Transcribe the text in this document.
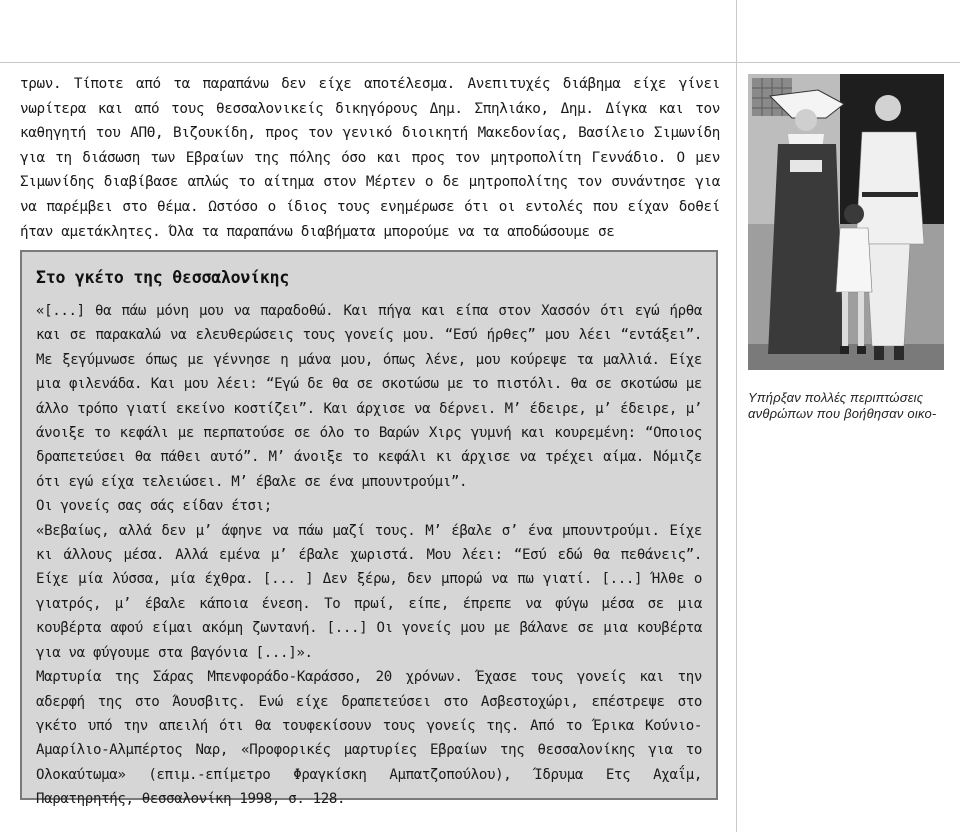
τρων. Τίποτε από τα παραπάνω δεν είχε αποτέλεσμα. Ανεπιτυχές διάβημα είχε γίνει νωρίτερα και από τους θεσσαλονικείς δικηγόρους Δημ. Σπηλιάκο, Δημ. Δίγκα και τον καθηγητή του ΑΠΘ, Βιζουκίδη, προς τον γενικό διοικητή Μακεδονίας, Βασίλειο Σιμωνίδη για τη διάσωση των Εβραίων της πόλης όσο και προς τον μητροπολίτη Γεννάδιο. Ο μεν Σιμωνίδης διαβίβασε απλώς το αίτημα στον Μέρτεν ο δε μητροπολίτης τον συνάντησε για να παρέμβει στο θέμα. Ωστόσο ο ίδιος τους ενημέρωσε ότι οι εντολές που είχαν δοθεί ήταν αμετάκλητες. Όλα τα παραπάνω διαβήματα μπορούμε να τα αποδώσουμε σε

Στο γκέτο της θεσσαλονίκης

«[...] θα πάω μόνη μου να παραδοθώ. Και πήγα και είπα στον Χασσόν ότι εγώ ήρθα και σε παρακαλώ να ελευθερώσεις τους γονείς μου. “Εσύ ήρθες” μου λέει “εντάξει”. Με ξεγύμνωσε όπως με γέννησε η μάνα μου, όπως λένε, μου κούρεψε τα μαλλιά. Είχε μια φιλενάδα. Και μου λέει: “Εγώ δε θα σε σκοτώσω με το πιστόλι. θα σε σκοτώσω με άλλο τρόπο γιατί εκείνο κοστίζει”. Και άρχισε να δέρνει. Μ’ έδειρε, μ’ έδειρε, μ’ άνοιξε το κεφάλι με περπατούσε σε όλο το Βαρών Χιρς γυμνή και κουρεμένη: “Οποιος δραπετεύσει θα πάθει αυτό”. Μ’ άνοιξε το κεφάλι κι άρχισε να τρέχει αίμα. Νόμιζε ότι εγώ είχα τελειώσει. Μ’ έβαλε σε ένα μπουντρούμι”.

Οι γονείς σας σάς είδαν έτσι;

«Βεβαίως, αλλά δεν μ’ άφηνε να πάω μαζί τους. Μ’ έβαλε σ’ ένα μπουντρούμι. Είχε κι άλλους μέσα. Αλλά εμένα μ’ έβαλε χωριστά. Μου λέει: “Εσύ εδώ θα πεθάνεις”. Είχε μία λύσσα, μία έχθρα. [... ] Δεν ξέρω, δεν μπορώ να πω γιατί. [...] Ήλθε ο γιατρός, μ’ έβαλε κάποια ένεση. Το πρωί, είπε, έπρεπε να φύγω μέσα σε μια κουβέρτα αφού είμαι ακόμη ζωντανή. [...] Οι γονείς μου με βάλανε σε μια κουβέρτα για να φύγουμε στα βαγόνια [...]».

Μαρτυρία της Σάρας Μπενφοράδο-Καράσσο, 20 χρόνων. Έχασε τους γονείς και την αδερφή της στο Άουσβιτς. Ενώ είχε δραπετεύσει στο Ασβεστοχώρι, επέστρεψε στο γκέτο υπό την απειλή ότι θα τουφεκίσουν τους γονείς της. Από το Έρικα Κούνιο-Αμαρίλιο-Αλμπέρτος Ναρ, «Προφορικές μαρτυρίες Εβραίων της θεσσαλονίκης για το Ολοκαύτωμα» (επιμ.-επίμετρο Φραγκίσκη Αμπατζοπούλου), Ίδρυμα Ετς Αχαΐμ, Παρατηρητής, θεσσαλονίκη 1998, σ. 128.

Υπήρξαν πολλές περιπτώσεις ανθρώπων που βοήθησαν οικο-
